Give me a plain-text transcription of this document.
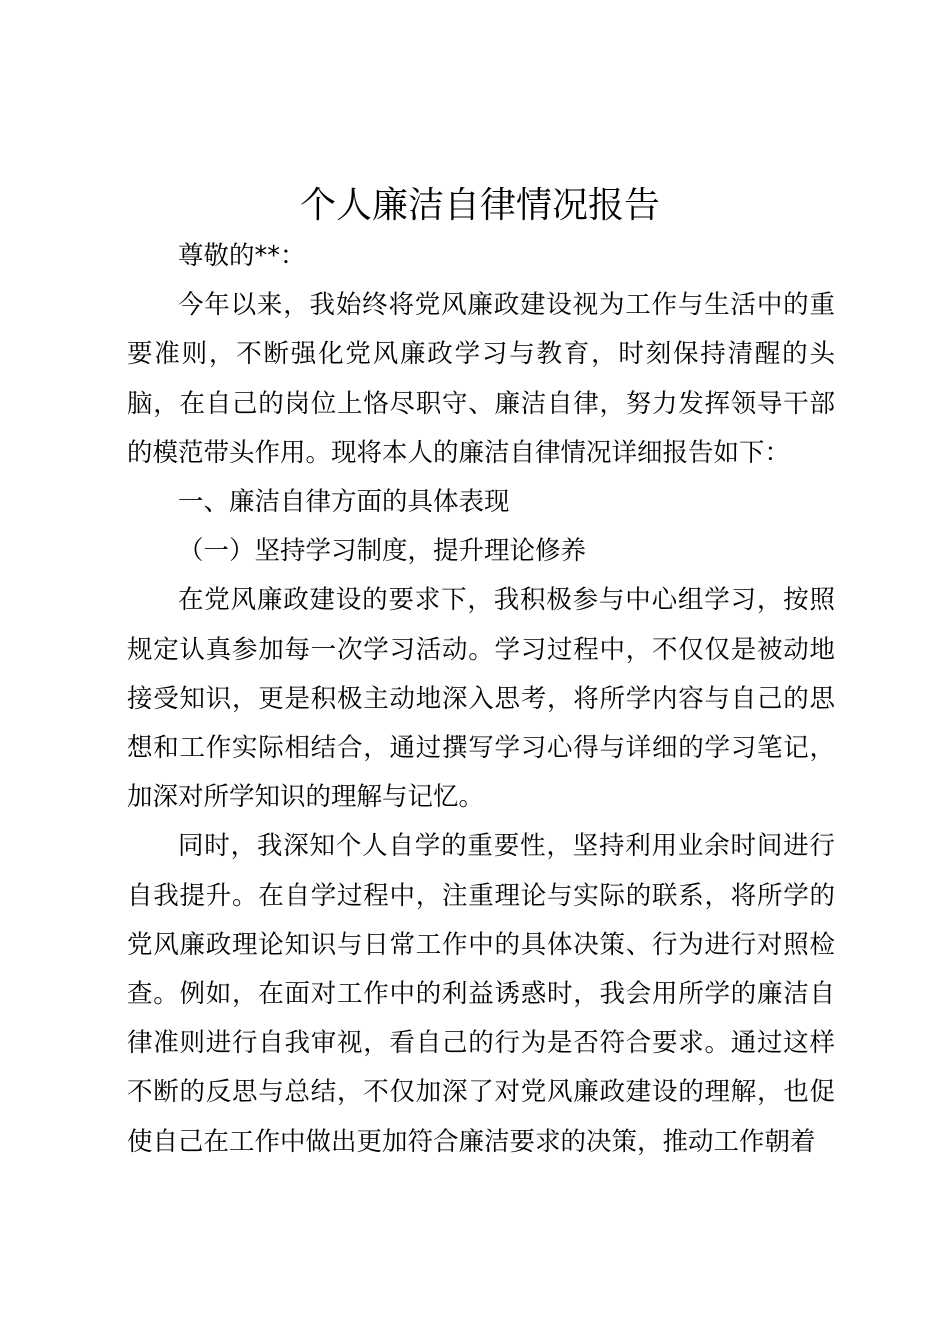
个人廉洁自律情况报告

尊敬的**：

今年以来，我始终将党风廉政建设视为工作与生活中的重要准则，不断强化党风廉政学习与教育，时刻保持清醒的头脑，在自己的岗位上恪尽职守、廉洁自律，努力发挥领导干部的模范带头作用。现将本人的廉洁自律情况详细报告如下：

一、廉洁自律方面的具体表现

（一）坚持学习制度，提升理论修养

在党风廉政建设的要求下，我积极参与中心组学习，按照规定认真参加每一次学习活动。学习过程中，不仅仅是被动地接受知识，更是积极主动地深入思考，将所学内容与自己的思想和工作实际相结合，通过撰写学习心得与详细的学习笔记，加深对所学知识的理解与记忆。

同时，我深知个人自学的重要性，坚持利用业余时间进行自我提升。在自学过程中，注重理论与实际的联系，将所学的党风廉政理论知识与日常工作中的具体决策、行为进行对照检查。例如，在面对工作中的利益诱惑时，我会用所学的廉洁自律准则进行自我审视，看自己的行为是否符合要求。通过这样不断的反思与总结，不仅加深了对党风廉政建设的理解，也促使自己在工作中做出更加符合廉洁要求的决策，推动工作朝着
